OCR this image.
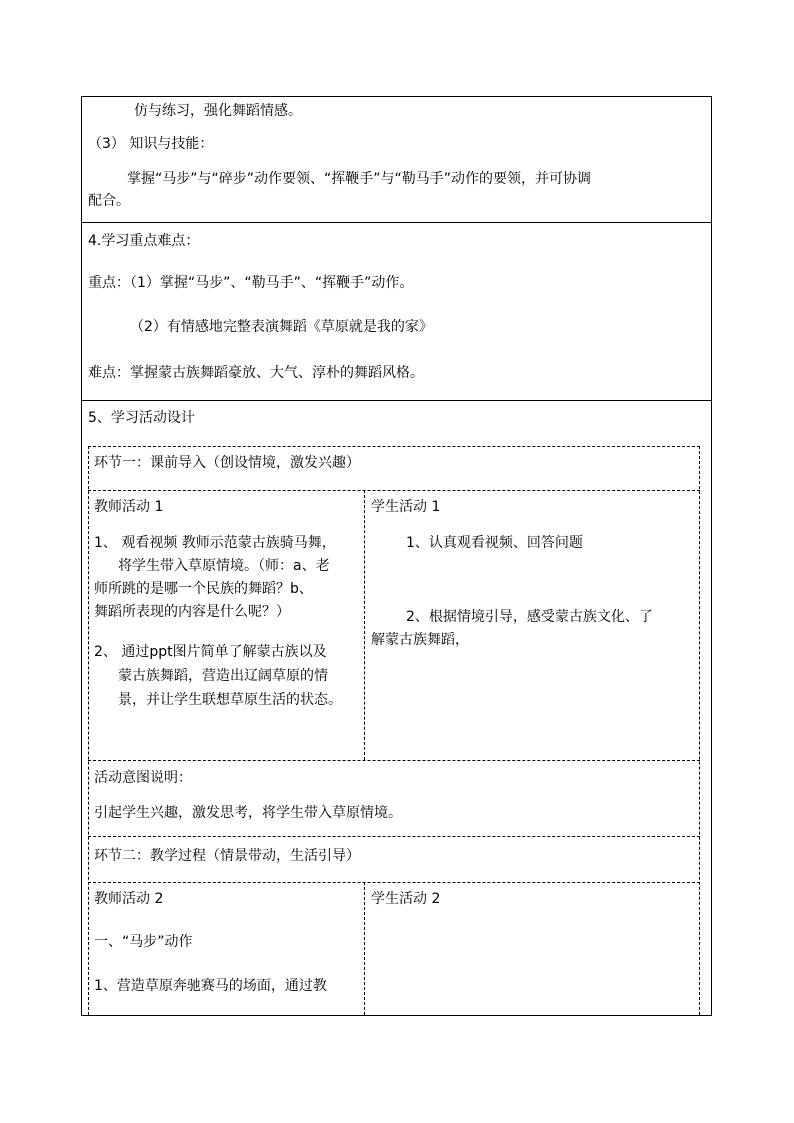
仿与练习，强化舞蹈情感。
（3） 知识与技能：
掌握“马步”与“碎步”动作要领、“挥鞭手”与“勒马手”动作的要领，并可协调
配合。
4.学习重点难点：
重点：（1）掌握“马步”、“勒马手”、“挥鞭手”动作。
（2）有情感地完整表演舞蹈《草原就是我的家》
难点：掌握蒙古族舞蹈豪放、大气、淳朴的舞蹈风格。
5、学习活动设计
环节一：课前导入（创设情境，激发兴趣）
教师活动 1
1、 观看视频 教师示范蒙古族骑马舞，
将学生带入草原情境。（师：a、老
师所跳的是哪一个民族的舞蹈？b、
舞蹈所表现的内容是什么呢？）
2、 通过ppt图片简单了解蒙古族以及
蒙古族舞蹈，营造出辽阔草原的情
景，并让学生联想草原生活的状态。
学生活动 1
1、认真观看视频、回答问题
2、根据情境引导，感受蒙古族文化、了
解蒙古族舞蹈，
活动意图说明：
引起学生兴趣，激发思考，将学生带入草原情境。
环节二：教学过程（情景带动，生活引导）
教师活动 2
一、“马步”动作
1、营造草原奔驰赛马的场面，通过教
学生活动 2
